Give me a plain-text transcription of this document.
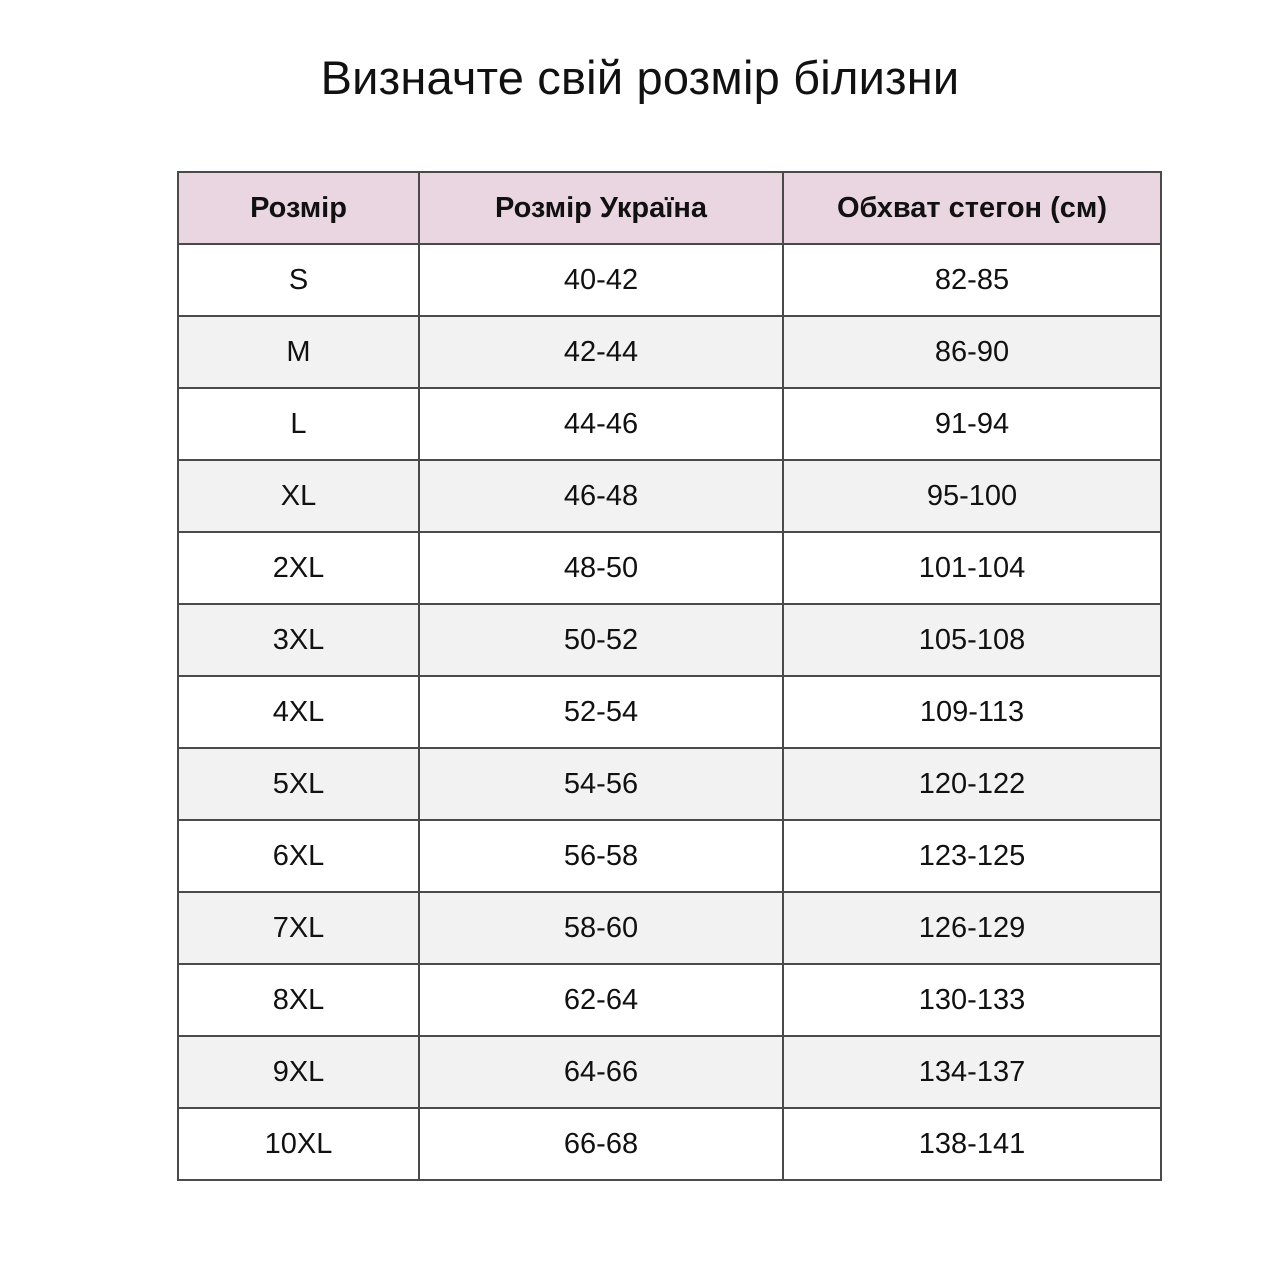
Визначте свій розмір білизни
Розмір	Розмір Україна	Обхват стегон (см)
S	40-42	82-85
M	42-44	86-90
L	44-46	91-94
XL	46-48	95-100
2XL	48-50	101-104
3XL	50-52	105-108
4XL	52-54	109-113
5XL	54-56	120-122
6XL	56-58	123-125
7XL	58-60	126-129
8XL	62-64	130-133
9XL	64-66	134-137
10XL	66-68	138-141
